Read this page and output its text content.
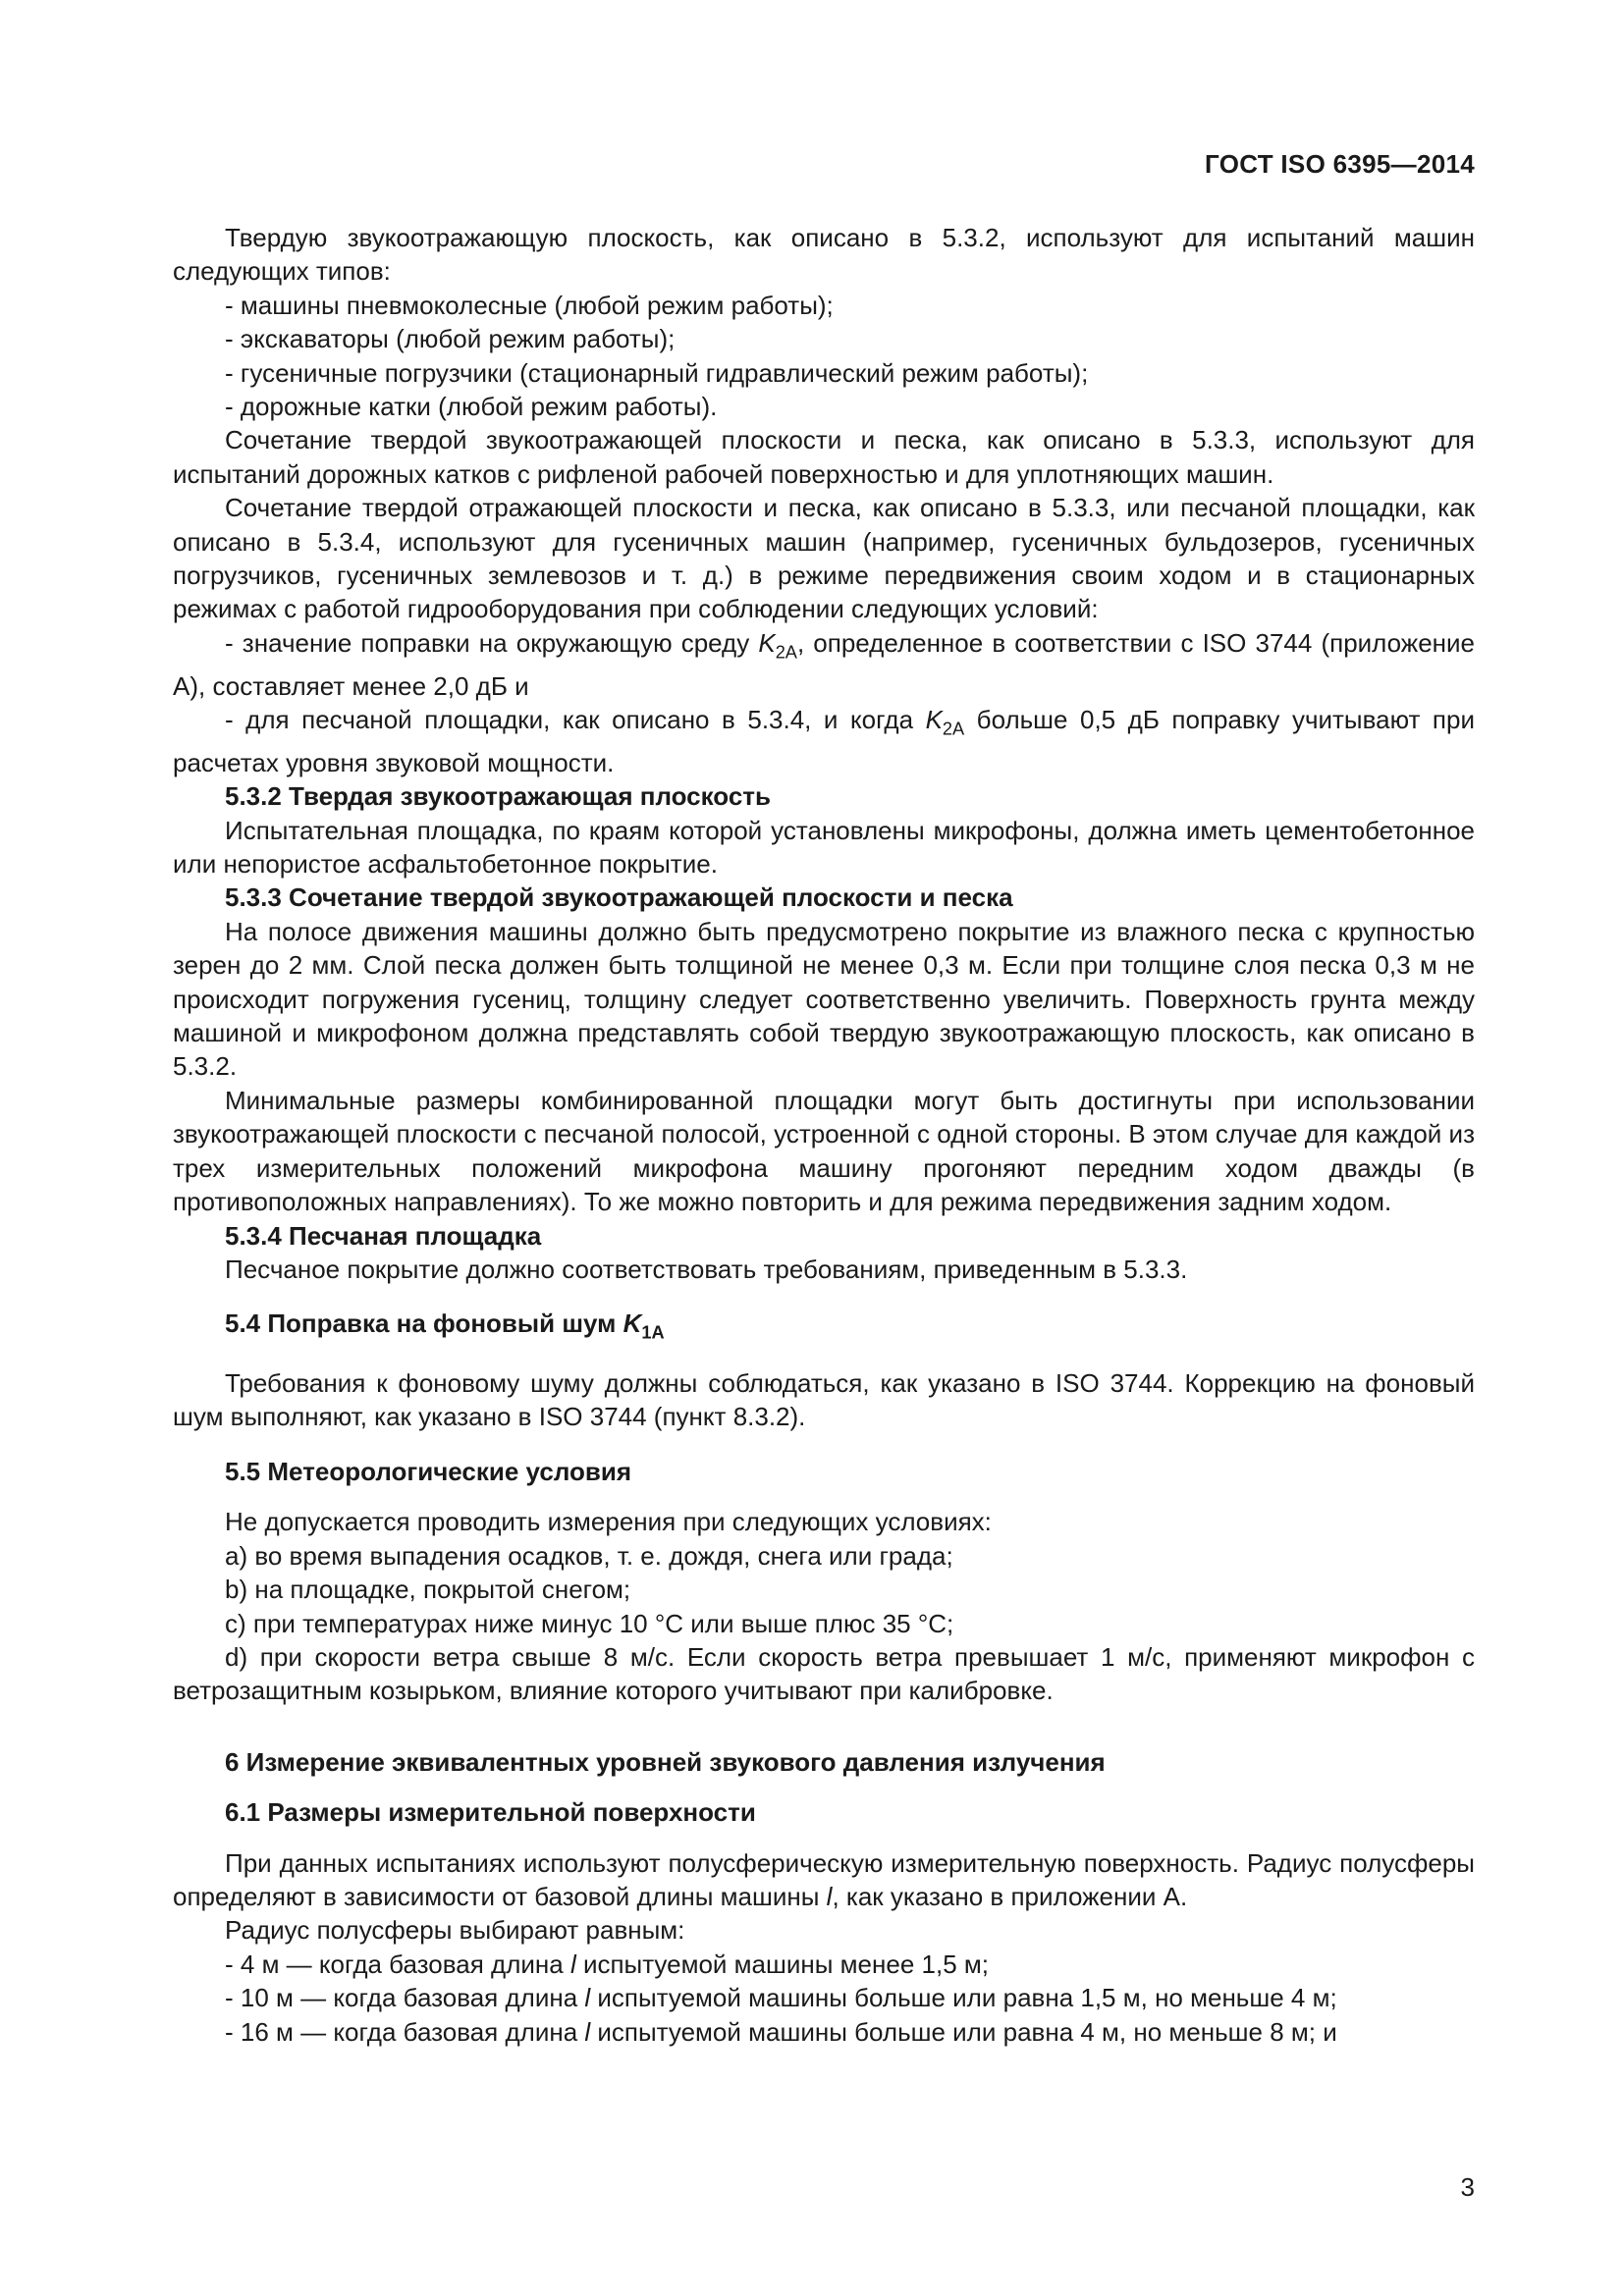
ГОСТ ISO 6395—2014

Твердую звукоотражающую плоскость, как описано в 5.3.2, используют для испытаний машин следующих типов:

- машины пневмоколесные (любой режим работы);

- экскаваторы (любой режим работы);

- гусеничные погрузчики (стационарный гидравлический режим работы);

- дорожные катки (любой режим работы).

Сочетание твердой звукоотражающей плоскости и песка, как описано в 5.3.3, используют для испытаний дорожных катков с рифленой рабочей поверхностью и для уплотняющих машин.

Сочетание твердой отражающей плоскости и песка, как описано в 5.3.3, или песчаной площадки, как описано в 5.3.4, используют для гусеничных машин (например, гусеничных бульдозеров, гусеничных погрузчиков, гусеничных землевозов и т. д.) в режиме передвижения своим ходом и в стационарных режимах с работой гидрооборудования при соблюдении следующих условий:

- значение поправки на окружающую среду $K_{2A}$, определенное в соответствии с ISO 3744 (приложение А), составляет менее 2,0 дБ и

- для песчаной площадки, как описано в 5.3.4, и когда $K_{2A}$ больше 0,5 дБ поправку учитывают при расчетах уровня звуковой мощности.

5.3.2 Твердая звукоотражающая плоскость

Испытательная площадка, по краям которой установлены микрофоны, должна иметь цементобетонное или непористое асфальтобетонное покрытие.

5.3.3 Сочетание твердой звукоотражающей плоскости и песка

На полосе движения машины должно быть предусмотрено покрытие из влажного песка с крупностью зерен до 2 мм. Слой песка должен быть толщиной не менее 0,3 м. Если при толщине слоя песка 0,3 м не происходит погружения гусениц, толщину следует соответственно увеличить. Поверхность грунта между машиной и микрофоном должна представлять собой твердую звукоотражающую плоскость, как описано в 5.3.2.

Минимальные размеры комбинированной площадки могут быть достигнуты при использовании звукоотражающей плоскости с песчаной полосой, устроенной с одной стороны. В этом случае для каждой из трех измерительных положений микрофона машину прогоняют передним ходом дважды (в противоположных направлениях). То же можно повторить и для режима передвижения задним ходом.

5.3.4 Песчаная площадка

Песчаное покрытие должно соответствовать требованиям, приведенным в 5.3.3.

5.4 Поправка на фоновый шум $K_{1A}$

Требования к фоновому шуму должны соблюдаться, как указано в ISO 3744. Коррекцию на фоновый шум выполняют, как указано в ISO 3744 (пункт 8.3.2).

5.5 Метеорологические условия

Не допускается проводить измерения при следующих условиях:

a) во время выпадения осадков, т. е. дождя, снега или града;

b) на площадке, покрытой снегом;

c) при температурах ниже минус 10 °С или выше плюс 35 °С;

d) при скорости ветра свыше 8 м/с. Если скорость ветра превышает 1 м/с, применяют микрофон с ветрозащитным козырьком, влияние которого учитывают при калибровке.

6 Измерение эквивалентных уровней звукового давления излучения

6.1 Размеры измерительной поверхности

При данных испытаниях используют полусферическую измерительную поверхность. Радиус полусферы определяют в зависимости от базовой длины машины l, как указано в приложении А.

Радиус полусферы выбирают равным:

- 4 м — когда базовая длина l испытуемой машины менее 1,5 м;

- 10 м — когда базовая длина l испытуемой машины больше или равна 1,5 м, но меньше 4 м;

- 16 м — когда базовая длина l испытуемой машины больше или равна 4 м, но меньше 8 м; и

3
